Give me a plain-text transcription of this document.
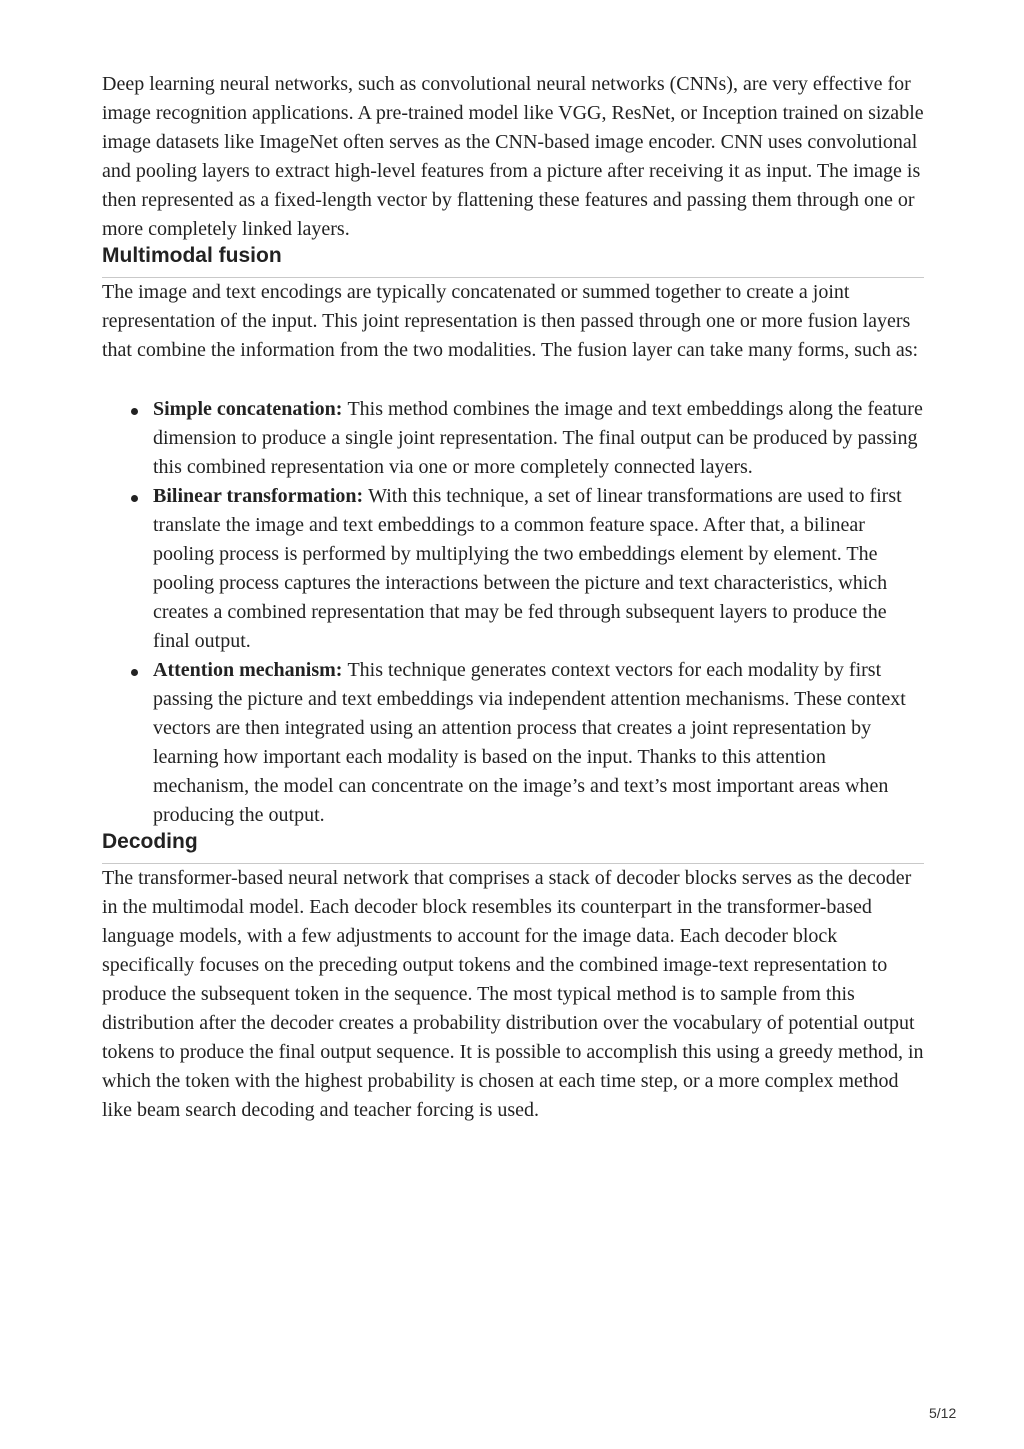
Deep learning neural networks, such as convolutional neural networks (CNNs), are very effective for image recognition applications. A pre-trained model like VGG, ResNet, or Inception trained on sizable image datasets like ImageNet often serves as the CNN-based image encoder. CNN uses convolutional and pooling layers to extract high-level features from a picture after receiving it as input. The image is then represented as a fixed-length vector by flattening these features and passing them through one or more completely linked layers.

Multimodal fusion

The image and text encodings are typically concatenated or summed together to create a joint representation of the input. This joint representation is then passed through one or more fusion layers that combine the information from the two modalities. The fusion layer can take many forms, such as:

Simple concatenation: This method combines the image and text embeddings along the feature dimension to produce a single joint representation. The final output can be produced by passing this combined representation via one or more completely connected layers.
Bilinear transformation: With this technique, a set of linear transformations are used to first translate the image and text embeddings to a common feature space. After that, a bilinear pooling process is performed by multiplying the two embeddings element by element. The pooling process captures the interactions between the picture and text characteristics, which creates a combined representation that may be fed through subsequent layers to produce the final output.
Attention mechanism: This technique generates context vectors for each modality by first passing the picture and text embeddings via independent attention mechanisms. These context vectors are then integrated using an attention process that creates a joint representation by learning how important each modality is based on the input. Thanks to this attention mechanism, the model can concentrate on the image’s and text’s most important areas when producing the output.
Decoding

The transformer-based neural network that comprises a stack of decoder blocks serves as the decoder in the multimodal model. Each decoder block resembles its counterpart in the transformer-based language models, with a few adjustments to account for the image data. Each decoder block specifically focuses on the preceding output tokens and the combined image-text representation to produce the subsequent token in the sequence. The most typical method is to sample from this distribution after the decoder creates a probability distribution over the vocabulary of potential output tokens to produce the final output sequence. It is possible to accomplish this using a greedy method, in which the token with the highest probability is chosen at each time step, or a more complex method like beam search decoding and teacher forcing is used.

5/12
